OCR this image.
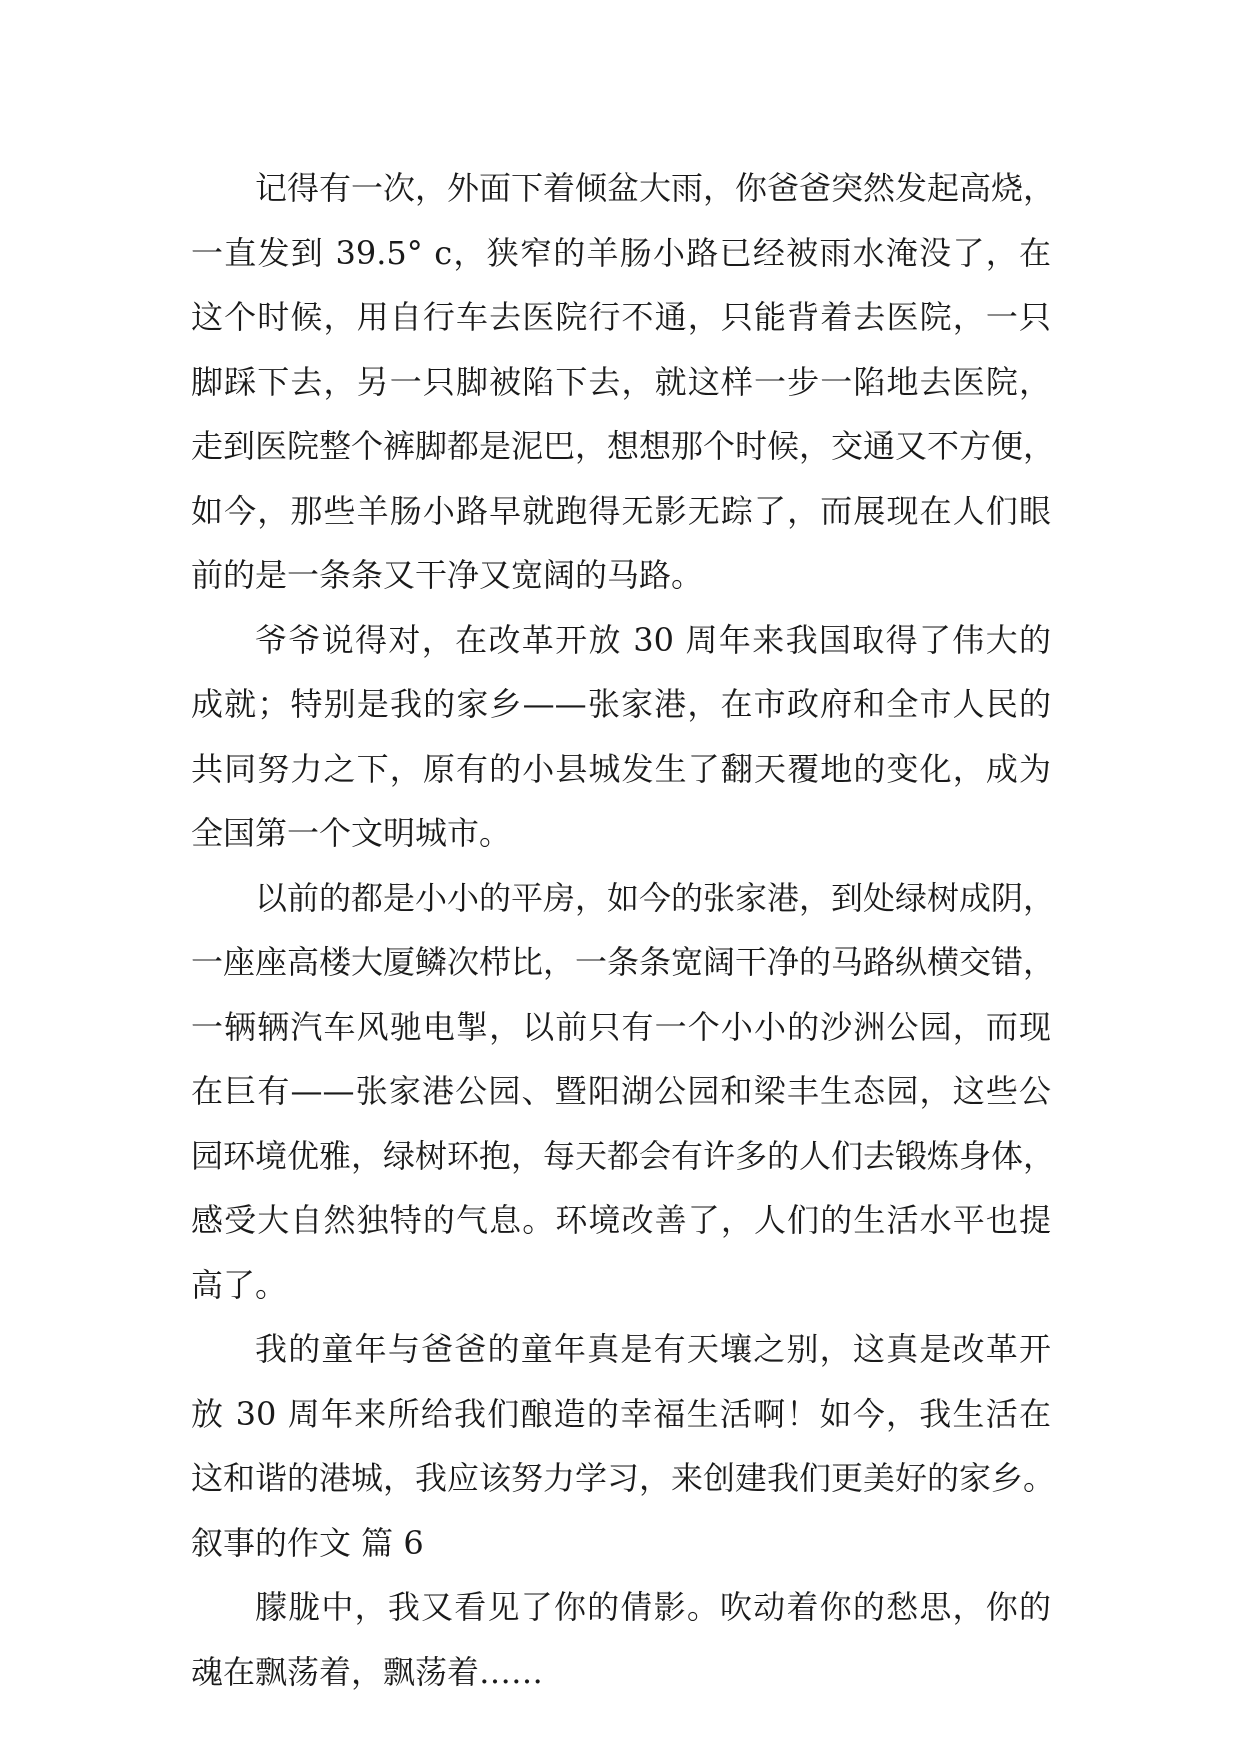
记得有一次，外面下着倾盆大雨，你爸爸突然发起高烧，
一直发到 39.5° c，狭窄的羊肠小路已经被雨水淹没了，在
这个时候，用自行车去医院行不通，只能背着去医院，一只
脚踩下去，另一只脚被陷下去，就这样一步一陷地去医院，
走到医院整个裤脚都是泥巴，想想那个时候，交通又不方便，
如今，那些羊肠小路早就跑得无影无踪了，而展现在人们眼
前的是一条条又干净又宽阔的马路。
爷爷说得对，在改革开放 30 周年来我国取得了伟大的
成就；特别是我的家乡——张家港，在市政府和全市人民的
共同努力之下，原有的小县城发生了翻天覆地的变化，成为
全国第一个文明城市。
以前的都是小小的平房，如今的张家港，到处绿树成阴，
一座座高楼大厦鳞次栉比，一条条宽阔干净的马路纵横交错，
一辆辆汽车风驰电掣，以前只有一个小小的沙洲公园，而现
在巨有——张家港公园、暨阳湖公园和梁丰生态园，这些公
园环境优雅，绿树环抱，每天都会有许多的人们去锻炼身体，
感受大自然独特的气息。环境改善了，人们的生活水平也提
高了。
我的童年与爸爸的童年真是有天壤之别，这真是改革开
放 30 周年来所给我们酿造的幸福生活啊！如今，我生活在
这和谐的港城，我应该努力学习，来创建我们更美好的家乡。
叙事的作文 篇 6
朦胧中，我又看见了你的倩影。吹动着你的愁思，你的
魂在飘荡着，飘荡着……
